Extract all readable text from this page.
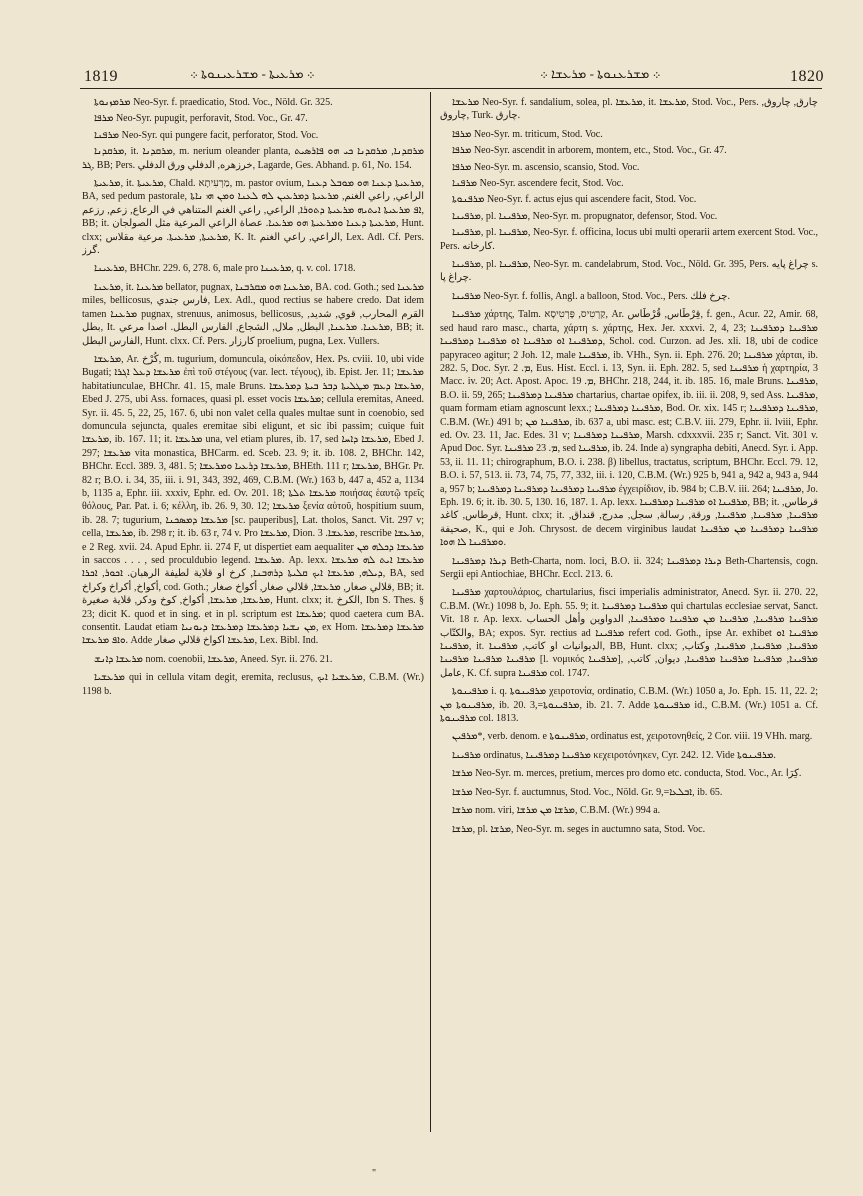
1819	܀ ܡܪܥܝܬܐ - ܡܫܪܥܝܢܘܬܐ ܀	܀ ܡܫܪܥܢܘܬܐ - ܡܪܥܫܐ ܀	1820

ܡܪܡܙܢܘܬܐ Neo-Syr. f. praedicatio, Stod. Voc., Nöld. Gr. 325.

ܡܪܦܐ Neo-Syr. pupugit, perforavit, Stod. Voc., Gr. 47.

ܡܪܦܢܐ Neo-Syr. qui pungere facit, perforator, Stod. Voc.

ܡܪܩܕܢܐ, it. ܡܪܩܕܢܐ, m. nerium oleander planta, ܡܪܩܕܢܐ, ܡܪܩܕܢܐ ܟܝ ܗܘ ܦܐܪܣܝܬ ܓܪ, BB; Pers. خرزهره, الدفلي ورق الدفلي, Lagarde, Ges. Abhand. p. 61, No. 154.

ܡܪܥܝܬܐ, it. ܡܪܥܝܬܐ, Chald. מַרְעִיתָא, m. pastor ovium, ܡܪܥܝܬܐ ܕܥܢܐ ܗܘ ܡܘܒܠ ܕܥܢܐ, BA, sed pedum pastorale, الراعي, راعي الغنم, ܡܪܥܝܬܐ ܕܡܪܥܝܢ ܠܗ ܠܥܢܐ ܘܡܢ ܗܝ ܢܐܬܐ ܐܦ ܡܪܥܝܬܐ ܐܝܬܝܗ ܡܪܥܝܬܐ ܕܬܘܪܐ, الراعي, راعي الغنم المتناهي في الرعاع, زعم, رزعم, BB; it. ܡܪܥܝܬܐ ܕܥܢܐ ܘܡܪܥܝܬܐ ܗܘ ܡܪܥܝܐ. عصاة الراعي المرعية مثل الصولجان, Hunt. clxx; ܡܪܥܝܬܐ, ܡܪܥܝܬܐ. مرعية مقلاس, K. It. الراعي, راعي الغنم, Lex. Adl. Cf. Pers. گرز.

ܡܪܥܝܢܐ, BHChr. 229. 6, 278. 6, male pro ܡܪܥܝܢܐ, q. v. col. 1718.

ܡܪܥܢܐ, it. ܡܪܥܢܐ bellator, pugnax, ܡܪܥܢܐ ܗܘ ܡܩܪܒܢܐ, BA. cod. Goth.; sed ܡܪܥܢܐ miles, bellicosus, فارس جندي, Lex. Adl., quod rectius se habere credo. Dat idem tamen ܡܪܥܢܐ pugnax, strenuus, animosus, bellicosus, القرم المحارب, قوي, شديد, بطل, It. ܡܪܥܢܐ. ܡܪܥܢܐ, البطل, ملال, الشجاع, الفارس البطل. اصدا مرعي, BB; it. الفارس البطل, Hunt. clxx. Cf. Pers. كارزار proelium, pugna, Lex. Vullers.

ܡܪܥܫܐ, Ar. كُرْخ, m. tugurium, domuncula, οἰκόπεδον, Hex. Ps. cviii. 10, ubi vide Bugati; ܡܪܥܫܐ ܕܥܠ ܐܓܪܐ ἐπὶ τοῦ στέγους (var. lect. τέγους), ib. Epist. Jer. 11; ܡܪܥܫܐ habitatiunculae, BHChr. 41. 15, male Bruns. ܡܪܥܫܐ ܕܥܡ ܡܛܠܝܬܐ ܕܒܪ ܒܝܬܐ ܕܡܪܥܫܐ, Ebed J. 275, ubi Ass. fornaces, quasi pl. esset vocis ܡܪܥܫܐ; cellula eremitas, Aneed. Syr. ii. 45. 5, 22, 25, 167. 6, ubi non valet cella quales multae sunt in coenobio, sed domuncula sejuncta, quales eremitae sibi eligunt, et sic ibi passim; cuique fuit ܡܪܥܫܐ, ib. 167. 11; it. ܡܪܥܫܐ una, vel etiam plures, ib. 17, sed ܡܪܥܫܐ ܕܐܚܐ, Ebed J. 297; ܡܪܥܫܐ vita monastica, BHCarm. ed. Sceb. 23. 9; it. ib. 108. 2, BHChr. 142, BHChr. Eccl. 389. 3, 481. 5; ܡܪܥܫܐ ܕܪܥܝܐ ܘܡܪܥܫܐ, BHEth. 111 r; ܡܪܥܫܐ, BHGr. Pr. 82 r; B.O. i. 34, 35, iii. i. 91, 343, 392, 469, C.B.M. (Wr.) 163 b, 447 a, 452 a, 1134 b, 1135 a, Ephr. iii. xxxiv, Ephr. ed. Ov. 201. 18; ܡܪܥܫܐ ܬܠܬܐ ποιήσας ἑαυτῷ τρεῖς θόλους, Par. Pat. i. 6; κέλλη, ib. 26. 9, 30. 12; ܡܪܥܫܐ ξενία αὐτοῦ, hospitium suum, ib. 28. 7; tugurium, ܡܪܥܫܐ ܕܡܣܟܢܐ [sc. pauperibus], Lat. tholos, Sanct. Vit. 297 v; cella, ܡܪܥܫܐ, ib. 298 r; it. ib. 63 r, 74 v. Pro ܡܪܥܫܐ, Dion. ܡܪܥܫܐ. 3, rescribe ܡܪܥܫܐ, e 2 Reg. xvii. 24. Apud Ephr. ii. 274 F, ut dispertiet eam aequaliter ܡܪܥܫܐ ܕܟܠܗ ܡܢ in saccos . . . , sed proculdubio legend. ܡܪܥܫܐ. Ap. lexx. ܡܪܥܫܐ ܐܝܬ ܠܗ ܡܪܥܫܐ ܕܝܠܗ, ܡܪܥܫܐ ܐܝܟ ܩܠܝܬܐ ܕܪܗܒܢܐ, كرخ او قلاية لطيفة الرهبان. ܐܟܘܪ, ܐܟܪܐ, BA, sed أكواخ, أكراخ وكراخ, cod. Goth.; قلالي صغار, ܡܪܥܫܐ, قلالي صغار, أكواخ صغار, BB; it. ܡܪܥܫܐ, ܡܪܥܫܐ, أكواخ, كوخ ودكر, قلاية صغيرة, Hunt. clxx; it. الكرخ, Ibn S. Thes. § 23; dicit K. quod et in sing. et in pl. scriptum est ܡܪܥܫܐ; quod caetera cum BA. consentit. Laudat etiam ܡܢ ܢܫܝܐ ܕܡܪܥܫܐ ܕܡܪܥܫܐ ܕܝܘܢܝܐ, ex Hom. ܡܪܥܫܐ ܕܡܪܥܫܐ ܘܐܦ ܡܪܥܫܐ. Adde ܡܪܥܫܐ اكواخ قلالي صغار, Lex. Bibl. Ind.

ܡܪܥܫܐ ܕܐܢܫ nom. coenobii, ܡܪܥܫܐ, Aneed. Syr. ii. 276. 21.

ܡܪܥܫܝܐ qui in cellula vitam degit, eremita, reclusus, ܡܪܥܫܝܐ ܐܝܟ, C.B.M. (Wr.) 1198 b.

ܡܪܥܫܐ Neo-Syr. f. sandalium, solea, pl. ܡܪܥܫܐ, it. ܡܪܥܫܐ, Stod. Voc., Pers. چارق, چاروق, چاروق, Turk. چارق.

ܡܪܦܐ Neo-Syr. m. triticum, Stod. Voc.

ܡܪܦܐ Neo-Syr. ascendit in arborem, montem, etc., Stod. Voc., Gr. 47.

ܡܪܦܐ Neo-Syr. m. ascensio, scansio, Stod. Voc.

ܡܪܦܢܐ Neo-Syr. ascendere fecit, Stod. Voc.

ܡܪܦܢܘܬܐ Neo-Syr. f. actus ejus qui ascendere facit, Stod. Voc.

ܡܪܦܝܢܐ, pl. ܡܪܦܝܢܐ, Neo-Syr. m. propugnator, defensor, Stod. Voc.

ܡܪܦܝܢܐ, pl. ܡܪܦܝܢܐ, Neo-Syr. f. officina, locus ubi multi operarii artem exercent Stod. Voc., Pers. كارخانه.

ܡܪܦܝܢܐ, pl. ܡܪܦܝܢܐ, Neo-Syr. m. candelabrum, Stod. Voc., Nöld. Gr. 395, Pers. چراغ پایه s. چراغ پا.

ܡܪܦܝܢܐ Neo-Syr. f. follis, Angl. a balloon, Stod. Voc., Pers. چرخ فلك.

ܡܪܦܝܢܐ χάρτης, Talm. קַרְטִיס, פָּרְטִיסָא, Ar. قِرْطَاس, قُرْطَاس, f. gen., Acur. 22, Amir. 68, sed haud raro masc., charta, χάρτη s. χάρτης, Hex. Jer. xxxvi. 2, 4, 23; ܡܪܦܝܢܐ ܕܡܪܦܝܢܐ ܕܡܪܦܝܢܐ ܐܘ ܡܪܦܝܢܐ ܐܘ ܡܪܦܝܢܐ ܕܡܪܦܝܢܐ, Schol. cod. Curzon. ad Jes. xli. 18, ubi de codice papyraceo agitur; 2 Joh. 12, male ܡܪܦܝܢܐ, ib. VHh., Syn. ii. Eph. 276. 20; ܡܪܦܝܢܐ χάρται, ib. 282. 5, Doc. Syr. ܡ. 2, Eus. Hist. Eccl. i. 13, Syn. ii. Eph. 282. 5, sed ܡܪܦܝܢܐ ἡ χαρτηρία, 3 Macc. iv. 20; Act. Apost. Apoc. ܡ. 19, BHChr. 218, 244, it. ib. 185. 16, male Bruns. ܡܪܦܝܢܐ, B.O. ii. 59, 265; ܡܪܦܝܢܐ ܕܡܪܦܝܢܐ chartarius, chartae opifex, ib. iii. ii. 208, 9, sed Ass. ܡܪܦܝܢܐ, quam formam etiam agnoscunt lexx.; ܡܪܦܝܢܐ ܕܡܪܦܝܢܐ, Bod. Or. xix. 145 r; ܡܪܦܝܢܐ ܕܡܪܦܝܢܐ, C.B.M. (Wr.) 491 b; ܡܪܦܝܢܐ ܡܢ, ib. 637 a, ubi masc. est; C.B.V. iii. 279, Ephr. ii. lviii, Ephr. ed. Ov. 23. 11, Jac. Edes. 31 v; ܡܪܦܝܢܐ ܕܡܪܦܝܢܐ, Marsh. cdxxxvii. 235 r; Sanct. Vit. 301 v. Apud Doc. Syr. ܡ. 23 ܡܪܦܝܢܐ, sed ܡܪܦܝܢܐ, ib. 24. Inde a) syngrapha debiti, Anecd. Syr. i. App. 53, ii. 11. 11; chirographum, B.O. i. 238. β) libellus, tractatus, scriptum, BHChr. Eccl. 79. 12, B.O. i. 57, 513. ii. 73, 74, 75, 77, 332, iii. i. 120, C.B.M. (Wr.) 925 b, 941 a, 942 a, 943 a, 944 a, 957 b; ܡܪܦܝܢܐ ܕܡܪܦܝܢܐ ܕܡܪܦܝܢܐ ܕܡܪܦܝܢܐ ἐγχειρίδιον, ib. 984 b; C.B.V. iii. 264; ܡܪܦܝܢܐ, Jo. Eph. 19. 6; it. ib. 30. 5, 130. 16, 187. 1. Ap. lexx. ܡܪܦܝܢܐ ܐܘ ܡܪܦܝܢܐ ܕܡܪܦܝܢܐ, BB; it. قرطاس, قرطاس, كاغد, Hunt. clxx; it. ܡܪܦܝܢܐ, ܡܪܦܝܢܐ, ܡܪܦܝܢܐ, ورقة, رسالة, سجل, مدرج, قنداق, صحيفة, K., qui e Joh. Chrysost. de decem virginibus laudat ܡܪܦܝܢܐ ܕܡܪܦܝܢܐ ܡܢ ܡܪܦܝܢܐ ܘܡܪܦܝܢܐ ܠܐ ܗܘܐ.

ܕܝܪܐ ܕܡܪܦܝܢܐ Beth-Charta, nom. loci, B.O. ii. 324; ܕܝܪܐ ܕܡܪܦܝܢܐ Beth-Chartensis, cogn. Sergii epi Antiochiae, BHChr. Eccl. 213. 6.

ܡܪܦܝܢܐ χαρτουλάριος, chartularius, fisci imperialis administrator, Anecd. Syr. ii. 270. 22, C.B.M. (Wr.) 1098 b, Jo. Eph. 55. 9; it. ܡܪܦܝܢܐ ܕܡܪܦܝܢܐ qui chartulas ecclesiae servat, Sanct. Vit. 18 r. Ap. lexx. ܡܪܦܝܢܐ ܡܪܦܝܢܐ, ܡܪܦܝܢܐ ܡܢ ܡܪܦܝܢܐ ܘܡܪܦܝܢܐ, الدواوين وأهل الحساب والكتّاب, BA; expos. Syr. rectius ad ܡܪܦܝܢܐ refert cod. Goth., ipse Ar. exhibet ܡܪܦܝܢܐ ܐܘ ܡܪܦܝܢܐ, it. الديوانيات او كاتب, ܡܪܦܝܢܐ, BB, Hunt. clxx; ܡܪܦܝܢܐ, ܡܪܦܝܢܐ, ܡܪܦܝܢܐ, وكتاب, ܡܪܦܝܢܐ ܡܪܦܝܢܐ ܡܪܦܝܢܐ [l. νομικός ܡܪܦܝܢܐ], ܡܪܦܝܢܐ, ܡܪܦܝܢܐ ܡܪܦܝܢܐ ܡܪܦܝܢܐ, ديوان, كاتب, عامل, K. Cf. supra ܡܪܦܝܢܐ col. 1747.

ܡܪܦܝܢܘܬܐ i. q. ܡܪܦܝܢܘܬܐ χειροτονία, ordinatio, C.B.M. (Wr.) 1050 a, Jo. Eph. 15. 11, 22. 2; ܡܪܦܝܢܘܬܐ ܡܢ, ib. 20. 3,=ܡܪܦܝܢܘܬܐ, ib. 21. 7. Adde ܡܪܦܝܢܘܬܐ id., C.B.M. (Wr.) 1051 a. Cf. ܡܪܦܝܢܘܬܐ col. 1813.

ܡܪܦܝܢ*, verb. denom. e ܡܪܦܝܢܘܬܐ, ordinatus est, χειροτονηθείς, 2 Cor. viii. 19 VHh. marg.

ܡܪܦܝܢܐ ordinatus, ܡܪܦܝܢܐ ܕܡܪܦܝܢܐ κεχειροτόνηκεν, Cyr. 242. 12. Vide ܡܪܦܝܢܘܬܐ.

ܡܪܫܐ Neo-Syr. m. merces, pretium, merces pro domo etc. conducta, Stod. Voc., Ar. كِرَا.

ܡܪܫܐ Neo-Syr. f. auctumnus, Stod. Voc., Nöld. Gr. 9,=ܐܒܠܥܐ, ib. 65.

ܡܪܫܐ nom. viri, ܡܪܫܐ ܡܢ ܡܪܫܐ, C.B.M. (Wr.) 994 a.

ܡܪܫܐ, pl. ܡܪܫܐ, Neo-Syr. m. seges in auctumno sata, Stod. Voc.

"
